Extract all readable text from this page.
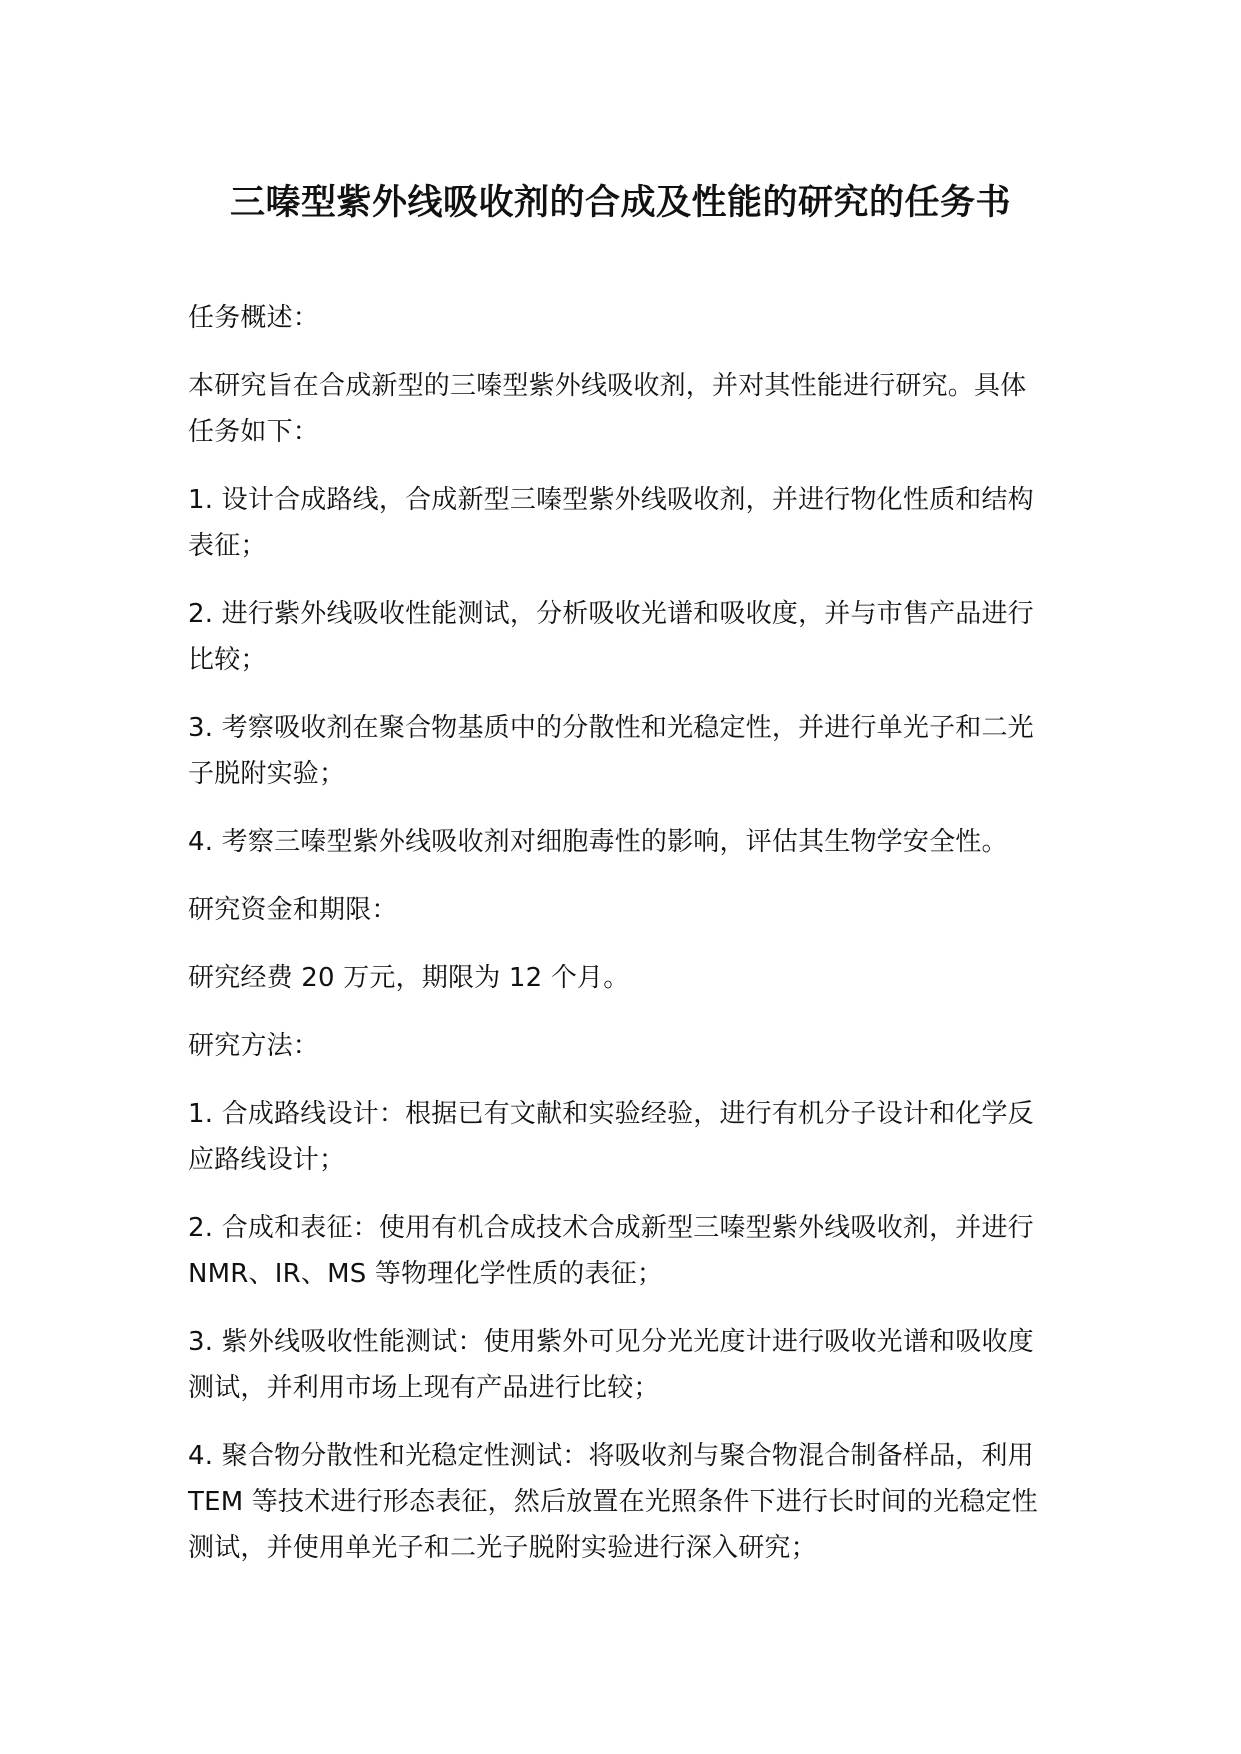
三嗪型紫外线吸收剂的合成及性能的研究的任务书

任务概述：

本研究旨在合成新型的三嗪型紫外线吸收剂，并对其性能进行研究。具体任务如下：

1. 设计合成路线，合成新型三嗪型紫外线吸收剂，并进行物化性质和结构表征；

2. 进行紫外线吸收性能测试，分析吸收光谱和吸收度，并与市售产品进行比较；

3. 考察吸收剂在聚合物基质中的分散性和光稳定性，并进行单光子和二光子脱附实验；

4. 考察三嗪型紫外线吸收剂对细胞毒性的影响，评估其生物学安全性。

研究资金和期限：

研究经费 20 万元，期限为 12 个月。

研究方法：

1. 合成路线设计：根据已有文献和实验经验，进行有机分子设计和化学反应路线设计；

2. 合成和表征：使用有机合成技术合成新型三嗪型紫外线吸收剂，并进行 NMR、IR、MS 等物理化学性质的表征；

3. 紫外线吸收性能测试：使用紫外可见分光光度计进行吸收光谱和吸收度测试，并利用市场上现有产品进行比较；

4. 聚合物分散性和光稳定性测试：将吸收剂与聚合物混合制备样品，利用 TEM 等技术进行形态表征，然后放置在光照条件下进行长时间的光稳定性测试，并使用单光子和二光子脱附实验进行深入研究；
